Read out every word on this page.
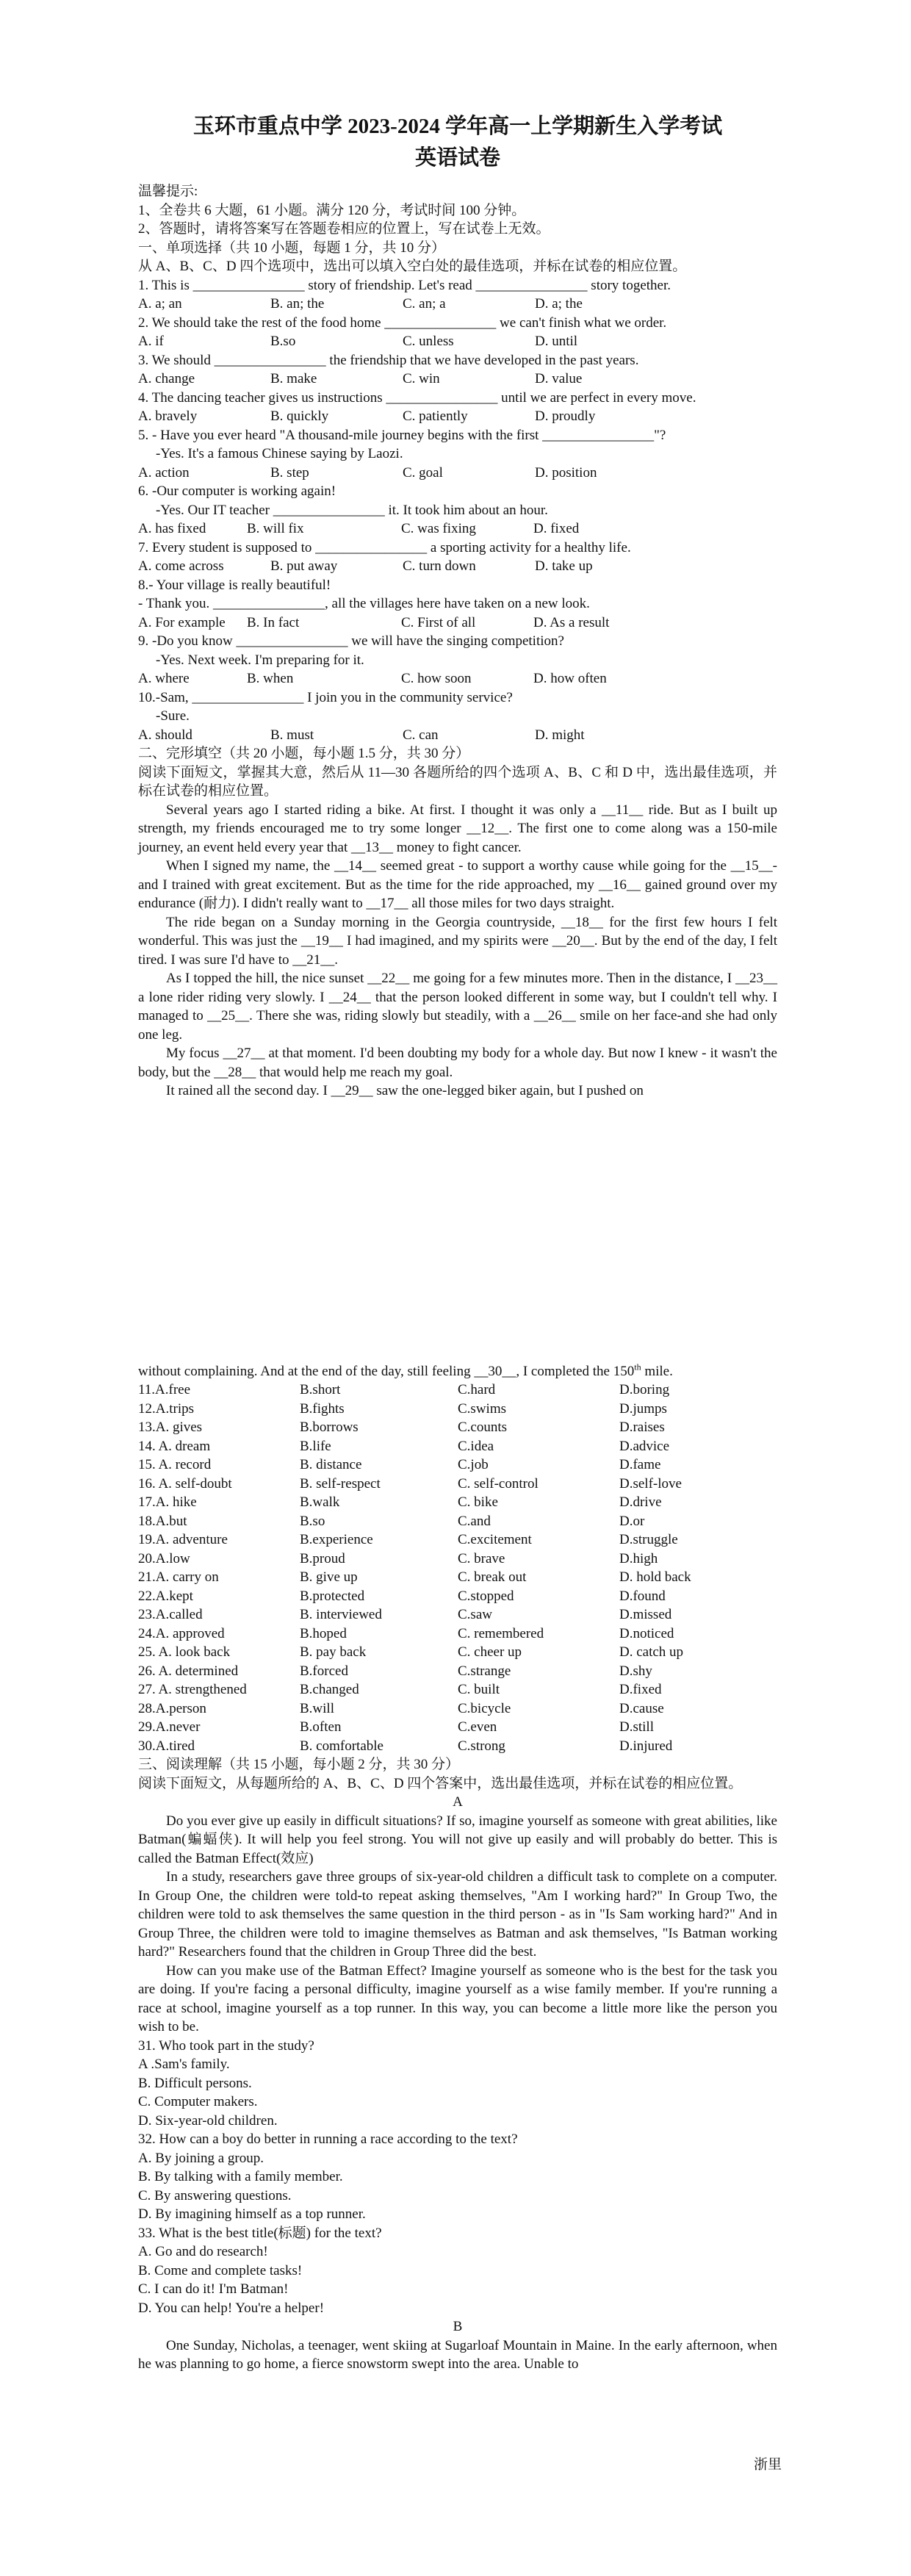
玉环市重点中学 2023-2024 学年高一上学期新生入学考试

英语试卷

温馨提示:

1、全卷共 6 大题，61 小题。满分 120 分，考试时间 100 分钟。

2、答题时，请将答案写在答题卷相应的位置上，写在试卷上无效。

一、单项选择（共 10 小题，每题 1 分，共 10 分）

从 A、B、C、D 四个选项中，选出可以填入空白处的最佳选项，并标在试卷的相应位置。

1. This is ________________ story of friendship. Let's read ________________ story together.

A. a; an	B. an; the	C. an; a	D. a; the

2. We should take the rest of the food home ________________ we can't finish what we order.

A. if	B.so	C. unless	D. until

3. We should ________________ the friendship that we have developed in the past years.

A. change	B. make	C. win	D. value

4. The dancing teacher gives us instructions ________________ until we are perfect in every move.

A. bravely	B. quickly	C. patiently	D. proudly

5. - Have you ever heard "A thousand-mile journey begins with the first ________________"?

-Yes. It's a famous Chinese saying by Laozi.

A. action	B. step	C. goal	D. position

6. -Our computer is working again!

-Yes. Our IT teacher ________________ it. It took him about an hour.

A. has fixed	B. will fix	C. was fixing	D. fixed

7. Every student is supposed to ________________ a sporting activity for a healthy life.

A. come across	B. put away	C. turn down	D. take up

8.- Your village is really beautiful!

- Thank you. ________________, all the villages here have taken on a new look.

A. For example	B. In fact	C. First of all	D. As a result

9. -Do you know ________________ we will have the singing competition?

-Yes. Next week. I'm preparing for it.

A. where	B. when	C. how soon	D. how often

10.-Sam, ________________ I join you in the community service?

-Sure.

A. should	B. must	C. can	D. might

二、完形填空（共 20 小题，每小题 1.5 分，共 30 分）

阅读下面短文，掌握其大意，然后从 11—30 各题所给的四个选项 A、B、C 和 D 中，选出最佳选项，并标在试卷的相应位置。

Several years ago I started riding a bike. At first. I thought it was only a __11__ ride. But as I built up strength, my friends encouraged me to try some longer __12__. The first one to come along was a 150-mile journey, an event held every year that __13__ money to fight cancer.

When I signed my name, the __14__ seemed great - to support a worthy cause while going for the __15__- and I trained with great excitement. But as the time for the ride approached, my __16__ gained ground over my endurance (耐力). I didn't really want to __17__ all those miles for two days straight.

The ride began on a Sunday morning in the Georgia countryside, __18__ for the first few hours I felt wonderful. This was just the __19__ I had imagined, and my spirits were __20__. But by the end of the day, I felt tired. I was sure I'd have to __21__.

As I topped the hill, the nice sunset __22__ me going for a few minutes more. Then in the distance, I __23__ a lone rider riding very slowly. I __24__ that the person looked different in some way, but I couldn't tell why. I managed to __25__. There she was, riding slowly but steadily, with a __26__ smile on her face-and she had only one leg.

My focus __27__ at that moment. I'd been doubting my body for a whole day. But now I knew - it wasn't the body, but the __28__ that would help me reach my goal.

It rained all the second day. I __29__ saw the one-legged biker again, but I pushed on

without complaining. And at the end of the day, still feeling __30__, I completed the 150th mile.

11.A.free	B.short	C.hard	D.boring
12.A.trips	B.fights	C.swims	D.jumps
13.A. gives	B.borrows	C.counts	D.raises
14. A. dream	B.life	C.idea	D.advice
15. A. record	B. distance	C.job	D.fame
16. A. self-doubt	B. self-respect	C. self-control	D.self-love
17.A. hike	B.walk	C. bike	D.drive
18.A.but	B.so	C.and	D.or
19.A. adventure	B.experience	C.excitement	D.struggle
20.A.low	B.proud	C. brave	D.high
21.A. carry on	B. give up	C. break out	D. hold back
22.A.kept	B.protected	C.stopped	D.found
23.A.called	B. interviewed	C.saw	D.missed
24.A. approved	B.hoped	C. remembered	D.noticed
25. A. look back	B. pay back	C. cheer up	D. catch up
26. A. determined	B.forced	C.strange	D.shy
27. A. strengthened	B.changed	C. built	D.fixed
28.A.person	B.will	C.bicycle	D.cause
29.A.never	B.often	C.even	D.still
30.A.tired	B. comfortable	C.strong	D.injured

三、阅读理解（共 15 小题，每小题 2 分，共 30 分）

阅读下面短文，从每题所给的 A、B、C、D 四个答案中，选出最佳选项，并标在试卷的相应位置。

A

Do you ever give up easily in difficult situations? If so, imagine yourself as someone with great abilities, like Batman(蝙蝠侠). It will help you feel strong. You will not give up easily and will probably do better. This is called the Batman Effect(效应)

In a study, researchers gave three groups of six-year-old children a difficult task to complete on a computer. In Group One, the children were told-to repeat asking themselves, "Am I working hard?" In Group Two, the children were told to ask themselves the same question in the third person - as in "Is Sam working hard?" And in Group Three, the children were told to imagine themselves as Batman and ask themselves, "Is Batman working hard?" Researchers found that the children in Group Three did the best.

How can you make use of the Batman Effect? Imagine yourself as someone who is the best for the task you are doing. If you're facing a personal difficulty, imagine yourself as a wise family member. If you're running a race at school, imagine yourself as a top runner. In this way, you can become a little more like the person you wish to be.

31. Who took part in the study?

A .Sam's family.

B. Difficult persons.

C. Computer makers.

D. Six-year-old children.

32. How can a boy do better in running a race according to the text?

A. By joining a group.

B. By talking with a family member.

C. By answering questions.

D. By imagining himself as a top runner.

33. What is the best title(标题) for the text?

A. Go and do research!

B. Come and complete tasks!

C. I can do it! I'm Batman!

D. You can help! You're a helper!

B

One Sunday, Nicholas, a teenager, went skiing at Sugarloaf Mountain in Maine. In the early afternoon, when he was planning to go home, a fierce snowstorm swept into the area. Unable to

浙里
